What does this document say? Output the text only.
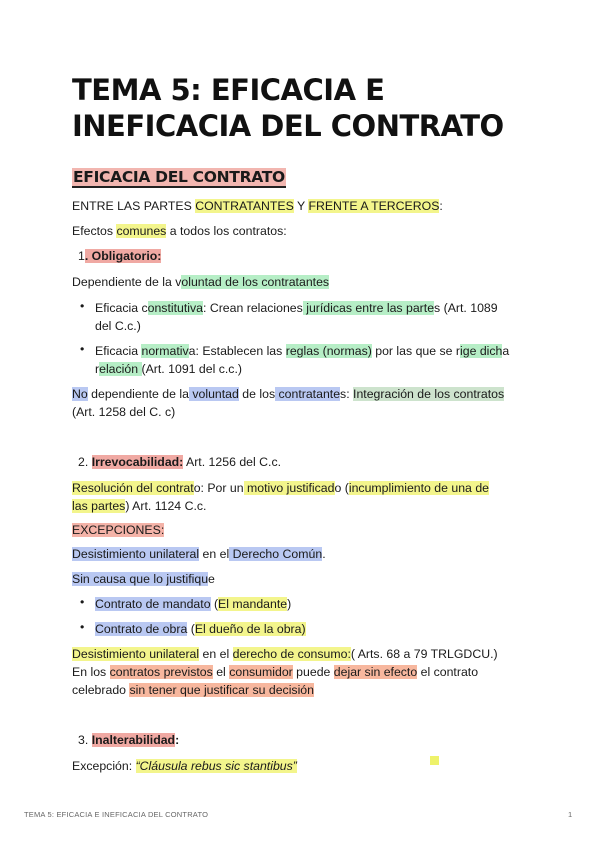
TEMA 5: EFICACIA E
INEFICACIA DEL CONTRATO
EFICACIA DEL CONTRATO
ENTRE LAS PARTES CONTRATANTES Y FRENTE A TERCEROS:
Efectos comunes a todos los contratos:
1. Obligatorio:
Dependiente de la voluntad de los contratantes
•
Eficacia constitutiva: Crean relaciones jurídicas entre las partes (Art. 1089
del C.c.)
•
Eficacia normativa: Establecen las reglas (normas) por las que se rige dicha
relación (Art. 1091 del c.c.)
No dependiente de la voluntad de los contratantes: Integración de los contratos
(Art. 1258 del C. c)
2. Irrevocabilidad: Art. 1256 del C.c.
Resolución del contrato: Por un motivo justificado (incumplimiento de una de
las partes) Art. 1124 C.c.
EXCEPCIONES:
Desistimiento unilateral en el Derecho Común.
Sin causa que lo justifique
•
Contrato de mandato (El mandante)
•
Contrato de obra (El dueño de la obra)
Desistimiento unilateral en el derecho de consumo:( Arts. 68 a 79 TRLGDCU.)
En los contratos previstos el consumidor puede dejar sin efecto el contrato
celebrado sin tener que justificar su decisión
3. Inalterabilidad:
Excepción: “Cláusula rebus sic stantibus”
TEMA 5: EFICACIA E INEFICACIA DEL CONTRATO	1
